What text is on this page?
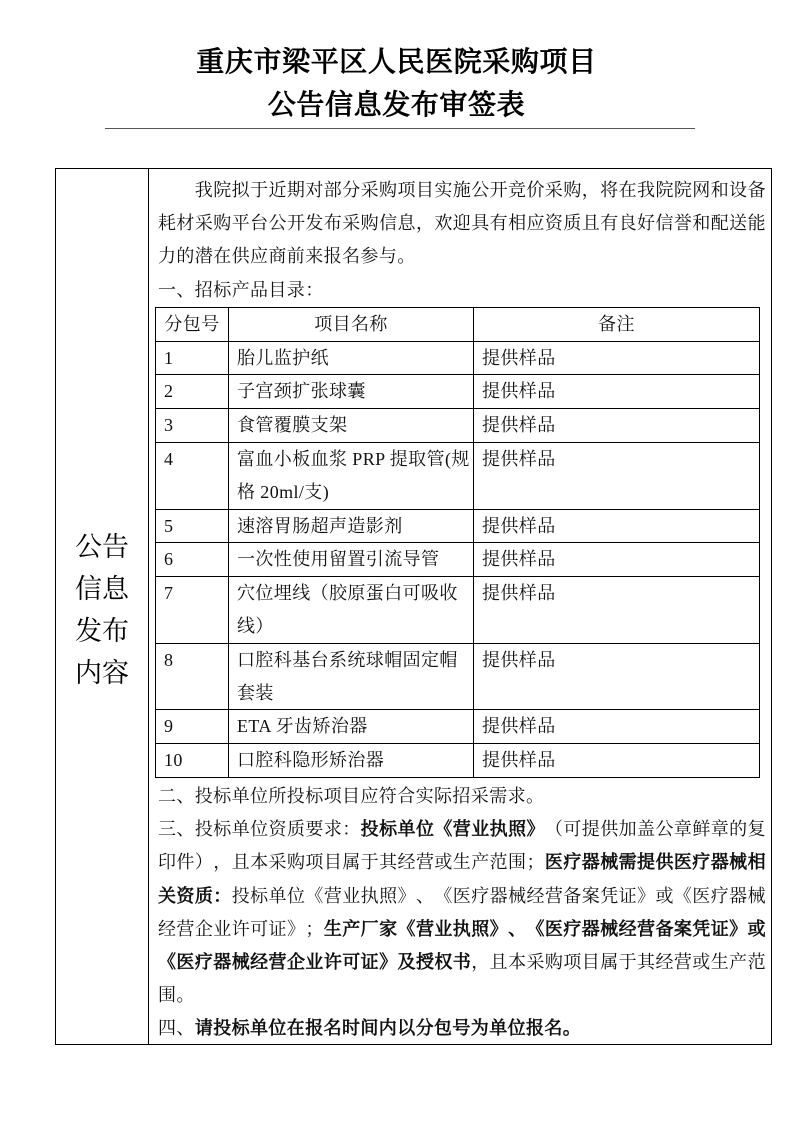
重庆市梁平区人民医院采购项目
公告信息发布审签表
公告信息发布内容

我院拟于近期对部分采购项目实施公开竞价采购，将在我院院网和设备耗材采购平台公开发布采购信息，欢迎具有相应资质且有良好信誉和配送能力的潜在供应商前来报名参与。

一、招标产品目录：

分包号	项目名称	备注
1	胎儿监护纸	提供样品
2	子宫颈扩张球囊	提供样品
3	食管覆膜支架	提供样品
4	富血小板血浆 PRP 提取管(规格 20ml/支)	提供样品
5	速溶胃肠超声造影剂	提供样品
6	一次性使用留置引流导管	提供样品
7	穴位埋线（胶原蛋白可吸收线）	提供样品
8	口腔科基台系统球帽固定帽套装	提供样品
9	ETA 牙齿矫治器	提供样品
10	口腔科隐形矫治器	提供样品

二、投标单位所投标项目应符合实际招采需求。

三、投标单位资质要求：投标单位《营业执照》（可提供加盖公章鲜章的复印件），且本采购项目属于其经营或生产范围；医疗器械需提供医疗器械相关资质：投标单位《营业执照》、《医疗器械经营备案凭证》或《医疗器械经营企业许可证》；生产厂家《营业执照》、《医疗器械经营备案凭证》或《医疗器械经营企业许可证》及授权书，且本采购项目属于其经营或生产范围。

四、请投标单位在报名时间内以分包号为单位报名。
